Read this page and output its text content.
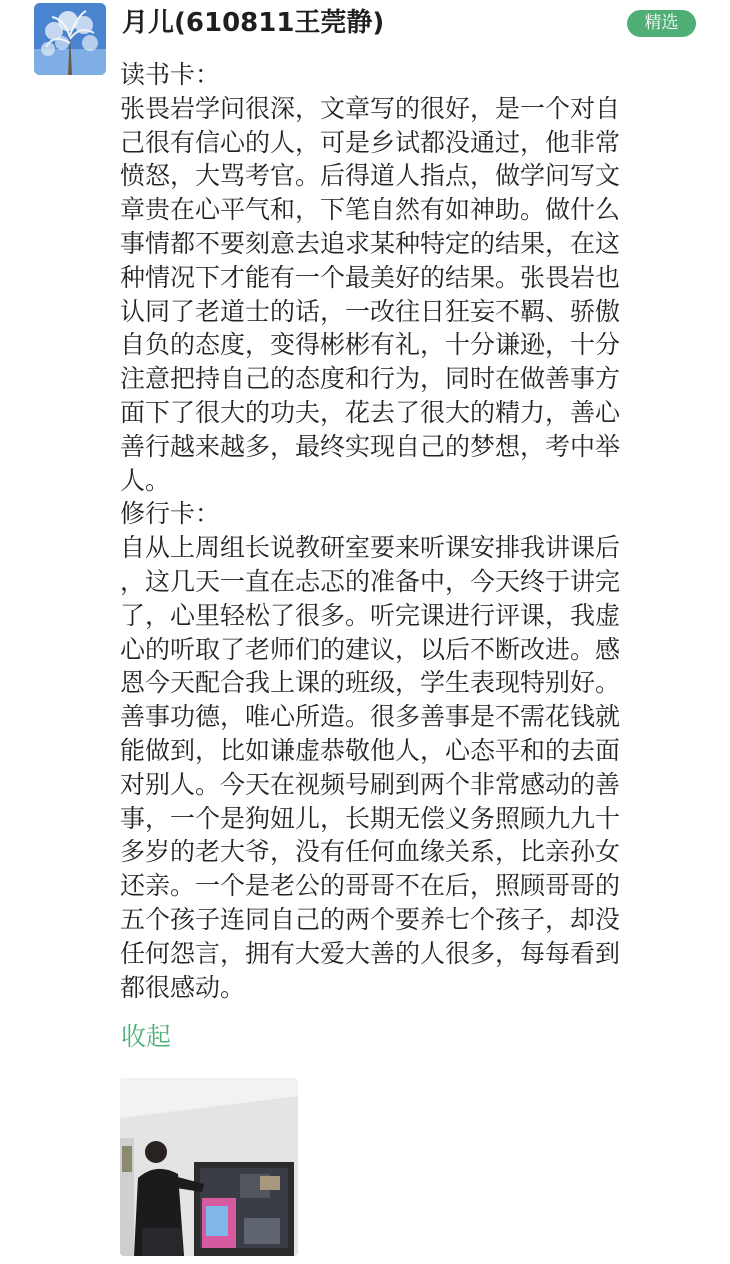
月儿(610811王莞静)	精选
读书卡：
张畏岩学问很深，文章写的很好，是一个对自
己很有信心的人，可是乡试都没通过，他非常
愤怒，大骂考官。后得道人指点，做学问写文
章贵在心平气和，下笔自然有如神助。做什么
事情都不要刻意去追求某种特定的结果，在这
种情况下才能有一个最美好的结果。张畏岩也
认同了老道士的话，一改往日狂妄不羁、骄傲
自负的态度，变得彬彬有礼，十分谦逊，十分
注意把持自己的态度和行为，同时在做善事方
面下了很大的功夫，花去了很大的精力，善心
善行越来越多，最终实现自己的梦想，考中举
人。
修行卡：
自从上周组长说教研室要来听课安排我讲课后
，这几天一直在忐忑的准备中，今天终于讲完
了，心里轻松了很多。听完课进行评课，我虚
心的听取了老师们的建议，以后不断改进。感
恩今天配合我上课的班级，学生表现特别好。
善事功德，唯心所造。很多善事是不需花钱就
能做到，比如谦虚恭敬他人，心态平和的去面
对别人。今天在视频号刷到两个非常感动的善
事，一个是狗妞儿，长期无偿义务照顾九九十
多岁的老大爷，没有任何血缘关系，比亲孙女
还亲。一个是老公的哥哥不在后，照顾哥哥的
五个孩子连同自己的两个要养七个孩子，却没
任何怨言，拥有大爱大善的人很多，每每看到
都很感动。
收起
